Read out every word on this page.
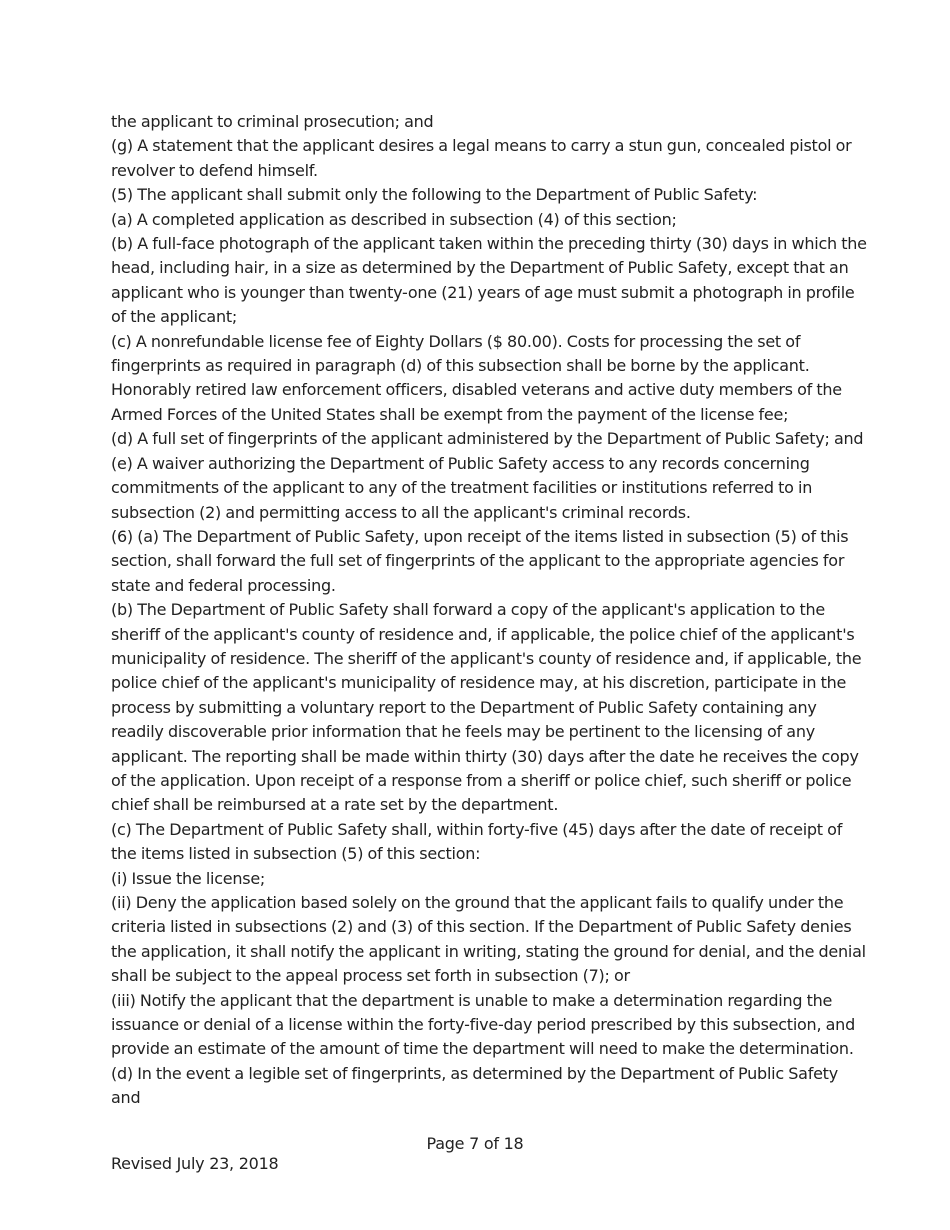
the applicant to criminal prosecution; and

(g) A statement that the applicant desires a legal means to carry a stun gun, concealed pistol or revolver to defend himself.

(5) The applicant shall submit only the following to the Department of Public Safety:

(a) A completed application as described in subsection (4) of this section;

(b) A full-face photograph of the applicant taken within the preceding thirty (30) days in which the head, including hair, in a size as determined by the Department of Public Safety, except that an applicant who is younger than twenty-one (21) years of age must submit a photograph in profile of the applicant;

(c) A nonrefundable license fee of Eighty Dollars ($ 80.00). Costs for processing the set of fingerprints as required in paragraph (d) of this subsection shall be borne by the applicant. Honorably retired law enforcement officers, disabled veterans and active duty members of the Armed Forces of the United States shall be exempt from the payment of the license fee;

(d) A full set of fingerprints of the applicant administered by the Department of Public Safety; and

(e) A waiver authorizing the Department of Public Safety access to any records concerning commitments of the applicant to any of the treatment facilities or institutions referred to in subsection (2) and permitting access to all the applicant's criminal records.

(6) (a) The Department of Public Safety, upon receipt of the items listed in subsection (5) of this section, shall forward the full set of fingerprints of the applicant to the appropriate agencies for state and federal processing.

(b) The Department of Public Safety shall forward a copy of the applicant's application to the sheriff of the applicant's county of residence and, if applicable, the police chief of the applicant's municipality of residence. The sheriff of the applicant's county of residence and, if applicable, the police chief of the applicant's municipality of residence may, at his discretion, participate in the process by submitting a voluntary report to the Department of Public Safety containing any readily discoverable prior information that he feels may be pertinent to the licensing of any applicant. The reporting shall be made within thirty (30) days after the date he receives the copy of the application. Upon receipt of a response from a sheriff or police chief, such sheriff or police chief shall be reimbursed at a rate set by the department.

(c) The Department of Public Safety shall, within forty-five (45) days after the date of receipt of the items listed in subsection (5) of this section:

(i) Issue the license;

(ii) Deny the application based solely on the ground that the applicant fails to qualify under the criteria listed in subsections (2) and (3) of this section. If the Department of Public Safety denies the application, it shall notify the applicant in writing, stating the ground for denial, and the denial shall be subject to the appeal process set forth in subsection (7); or

(iii) Notify the applicant that the department is unable to make a determination regarding the issuance or denial of a license within the forty-five-day period prescribed by this subsection, and provide an estimate of the amount of time the department will need to make the determination.

(d) In the event a legible set of fingerprints, as determined by the Department of Public Safety and

Page 7 of 18
Revised July 23, 2018
